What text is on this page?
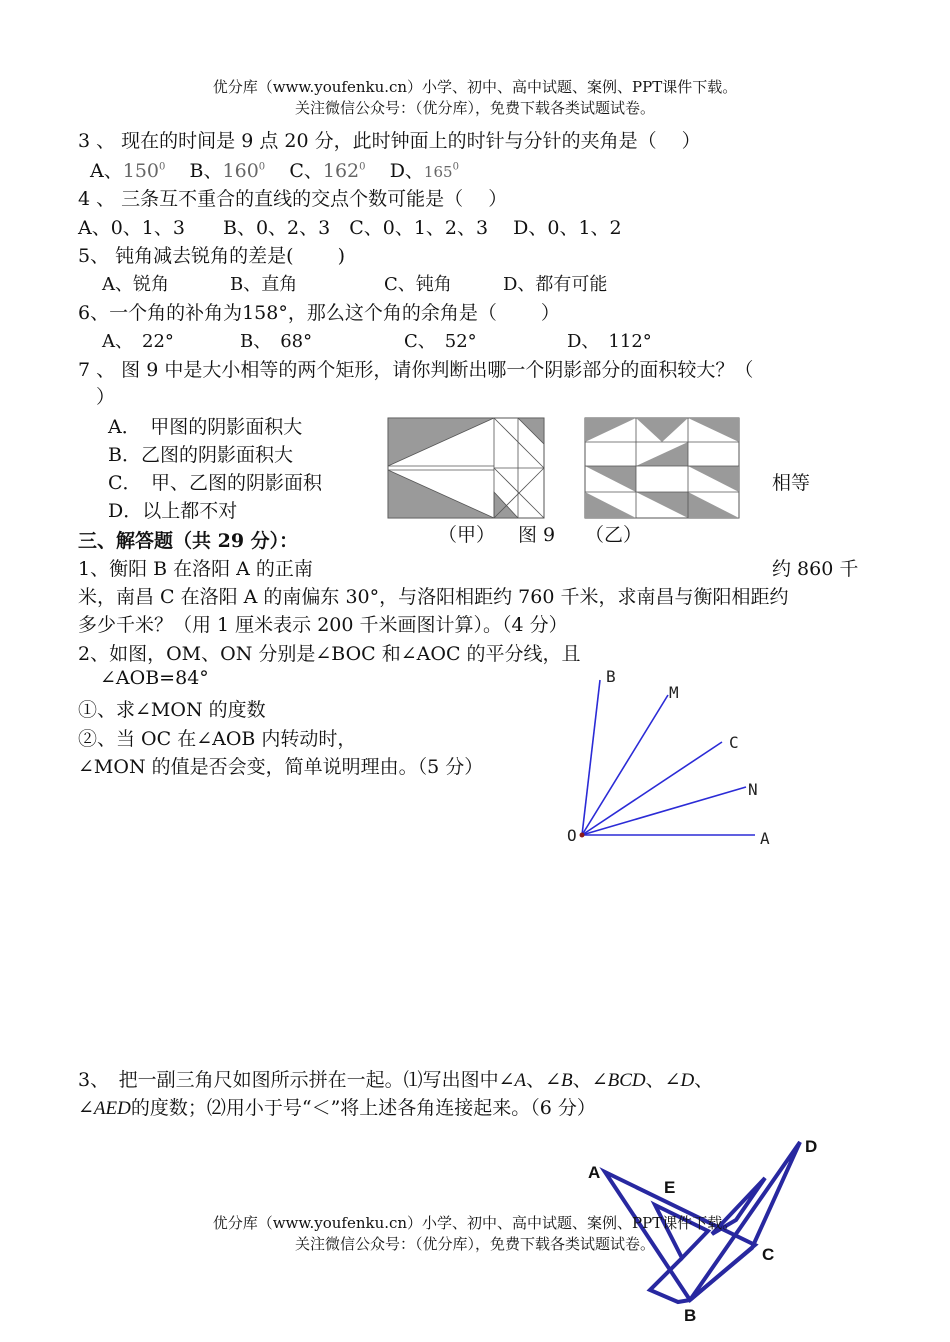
优分库（www.youfenku.cn）小学、初中、高中试题、案例、PPT课件下载。
关注微信公众号：（优分库），免费下载各类试题试卷。
3 、 现在的时间是 9 点 20 分，此时钟面上的时针与分针的夹角是（　 ）
A、$150^0$ B、$160^0$ C、$162^0$ D、$165^0$
4 、 三条互不重合的直线的交点个数可能是（　 ）
A、0、1、3　　B、0、2、3　C、0、1、2、3　 D、0、1、2
5、 钝角减去锐角的差是(　　 )
A、锐角	B、直角	C、钝角	D、都有可能
6、一个角的补角为158°，那么这个角的余角是（　　 ）
A、　22°	B、　68°	C、　52°	D、　112°
7 、 图 9 中是大小相等的两个矩形，请你判断出哪一个阴影部分的面积较大？（
）
A．　甲图的阴影面积大
B．乙图的阴影面积大
C．　甲、乙图的阴影面积	相等
D．以上都不对
（甲） 图 9 （乙）
三、解答题（共 29 分）：
1、衡阳 B 在洛阳 A 的正南	约 860 千
米，南昌 C 在洛阳 A 的南偏东 30°，与洛阳相距约 760 千米，求南昌与衡阳相距约
多少千米？（用 1 厘米表示 200 千米画图计算）。（4 分）
2、如图，OM、ON 分别是∠BOC 和∠AOC 的平分线，且
∠AOB=84°
①、求∠MON 的度数
②、当 OC 在∠AOB 内转动时，
∠MON 的值是否会变，简单说明理由。（5 分）
B
M
C
N
O	A
3、　把一副三角尺如图所示拼在一起。⑴写出图中∠A、∠B、∠BCD、∠D、
∠AED的度数；⑵用小于号“＜”将上述各角连接起来。（6 分）
A
E
D
C
B
优分库（www.youfenku.cn）小学、初中、高中试题、案例、PPT课件下载。
关注微信公众号：（优分库），免费下载各类试题试卷。
